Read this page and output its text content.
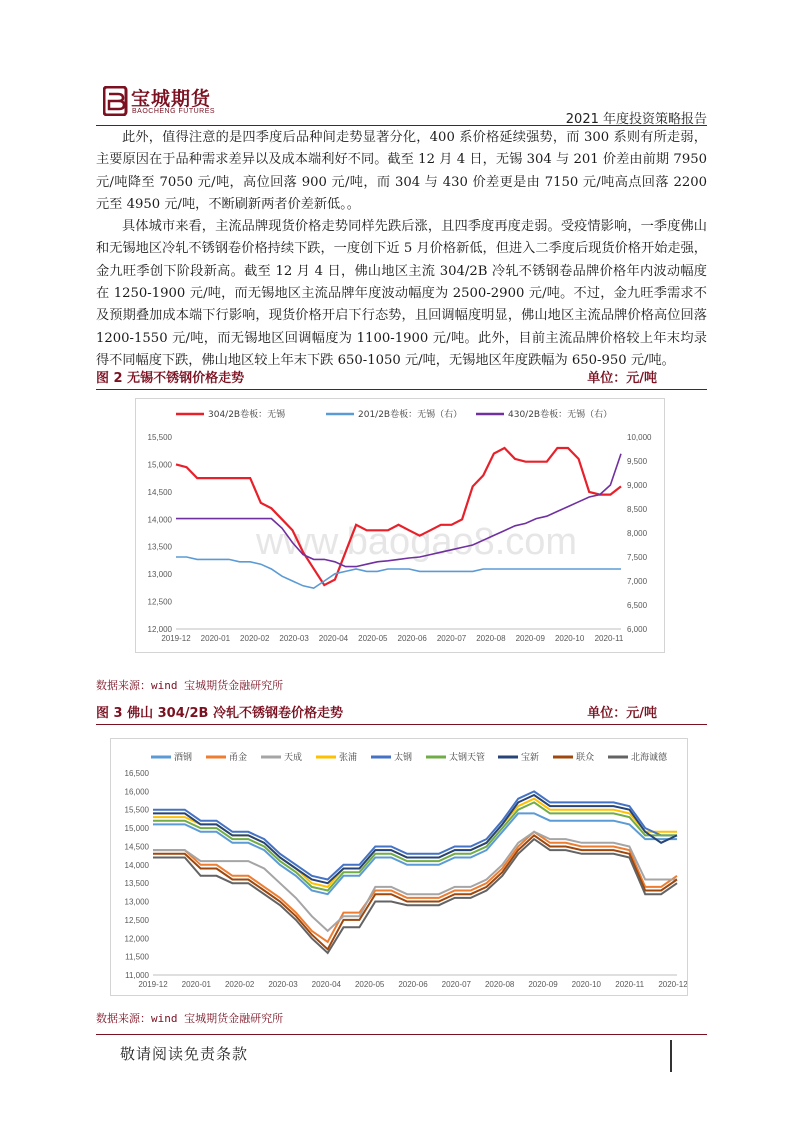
宝城期货
BAOCHENG FUTURES
2021 年度投资策略报告

此外，值得注意的是四季度后品种间走势显著分化，400 系价格延续强势，而 300 系则有所走弱，主要原因在于品种需求差异以及成本端利好不同。截至 12 月 4 日，无锡 304 与 201 价差由前期 7950 元/吨降至 7050 元/吨，高位回落 900 元/吨，而 304 与 430 价差更是由 7150 元/吨高点回落 2200 元至 4950 元/吨，不断刷新两者价差新低。。

具体城市来看，主流品牌现货价格走势同样先跌后涨，且四季度再度走弱。受疫情影响，一季度佛山和无锡地区冷轧不锈钢卷价格持续下跌，一度创下近 5 月价格新低，但进入二季度后现货价格开始走强，金九旺季创下阶段新高。截至 12 月 4 日，佛山地区主流 304/2B 冷轧不锈钢卷品牌价格年内波动幅度在 1250-1900 元/吨，而无锡地区主流品牌年度波动幅度为 2500-2900 元/吨。不过，金九旺季需求不及预期叠加成本端下行影响，现货价格开启下行态势，且回调幅度明显，佛山地区主流品牌价格高位回落 1200-1550 元/吨，而无锡地区回调幅度为 1100-1900 元/吨。此外，目前主流品牌价格较上年末均录得不同幅度下跌，佛山地区较上年末下跌 650-1050 元/吨，无锡地区年度跌幅为 650-950 元/吨。

图 2 无锡不锈钢价格走势	单位：元/吨
www.baogao8.com
12,000
12,500
13,000
13,500
14,000
14,500
15,000
15,500
6,000
6,500
7,000
7,500
8,000
8,500
9,000
9,500
10,000
2019-12 2020-01 2020-02 2020-03 2020-04 2020-05 2020-06 2020-07 2020-08 2020-09 2020-10 2020-11
304/2B卷板：无锡	201/2B卷板：无锡（右）	430/2B卷板：无锡（右）
数据来源：wind 宝城期货金融研究所
图 3 佛山 304/2B 冷轧不锈钢卷价格走势	单位：元/吨
11,000
11,500
12,000
12,500
13,000
13,500
14,000
14,500
15,000
15,500
16,000
16,500
2019-12 2020-01 2020-02 2020-03 2020-04 2020-05 2020-06 2020-07 2020-08 2020-09 2020-10 2020-11 2020-12
酒钢	甬金	天成	张浦	太钢	太钢天管	宝新	联众	北海诚德
数据来源：wind 宝城期货金融研究所
敬请阅读免责条款
